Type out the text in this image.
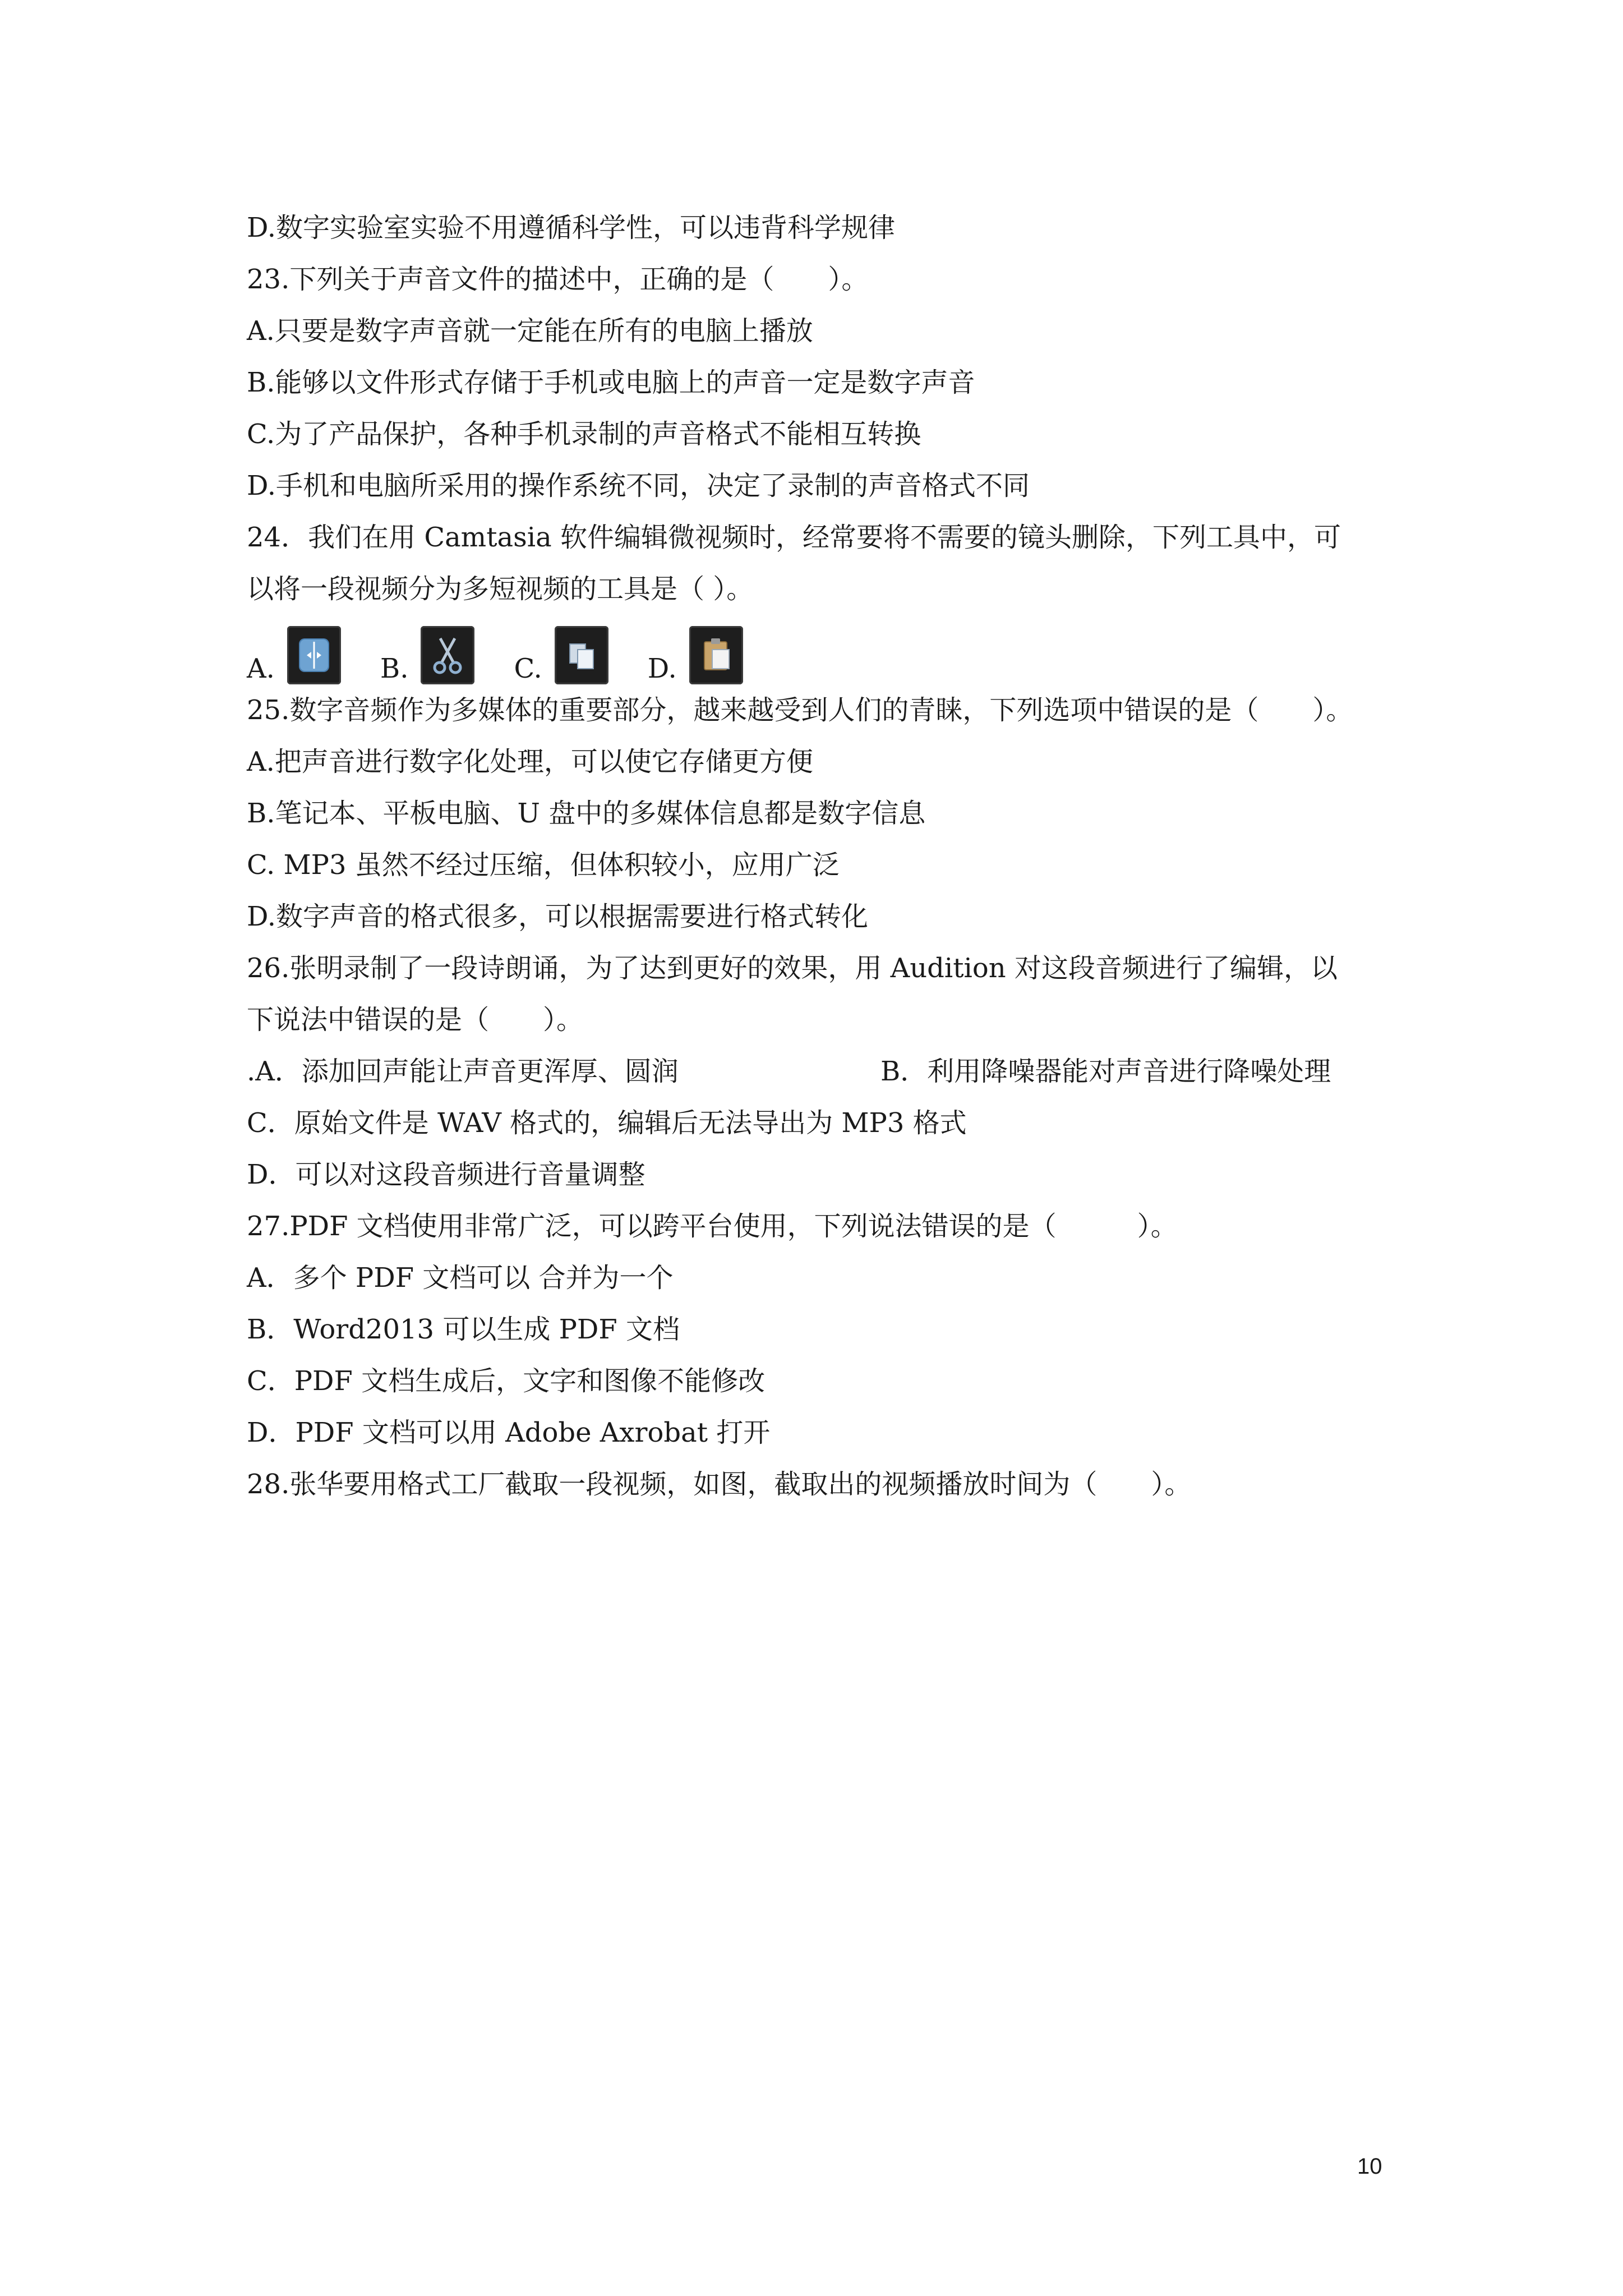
D.数字实验室实验不用遵循科学性，可以违背科学规律
23.下列关于声音文件的描述中，正确的是（　　）。
A.只要是数字声音就一定能在所有的电脑上播放
B.能够以文件形式存储于手机或电脑上的声音一定是数字声音
C.为了产品保护，各种手机录制的声音格式不能相互转换
D.手机和电脑所采用的操作系统不同，决定了录制的声音格式不同
24．我们在用 Camtasia 软件编辑微视频时，经常要将不需要的镜头删除，下列工具中，可
以将一段视频分为多短视频的工具是（ ）。
A.	B.	C.	D.
25.数字音频作为多媒体的重要部分，越来越受到人们的青睐，下列选项中错误的是（　　）。
A.把声音进行数字化处理，可以使它存储更方便
B.笔记本、平板电脑、U 盘中的多媒体信息都是数字信息
C. MP3 虽然不经过压缩，但体积较小，应用广泛
D.数字声音的格式很多，可以根据需要进行格式转化
26.张明录制了一段诗朗诵，为了达到更好的效果，用 Audition 对这段音频进行了编辑，以
下说法中错误的是（　　）。
.A．添加回声能让声音更浑厚、圆润	B．利用降噪器能对声音进行降噪处理
C．原始文件是 WAV 格式的，编辑后无法导出为 MP3 格式
D．可以对这段音频进行音量调整
27.PDF 文档使用非常广泛，可以跨平台使用，下列说法错误的是（　　　）。
A．多个 PDF 文档可以 合并为一个
B．Word2013 可以生成 PDF 文档
C．PDF 文档生成后，文字和图像不能修改
D．PDF 文档可以用 Adobe Axrobat 打开
28.张华要用格式工厂截取一段视频，如图，截取出的视频播放时间为（　　）。
10
